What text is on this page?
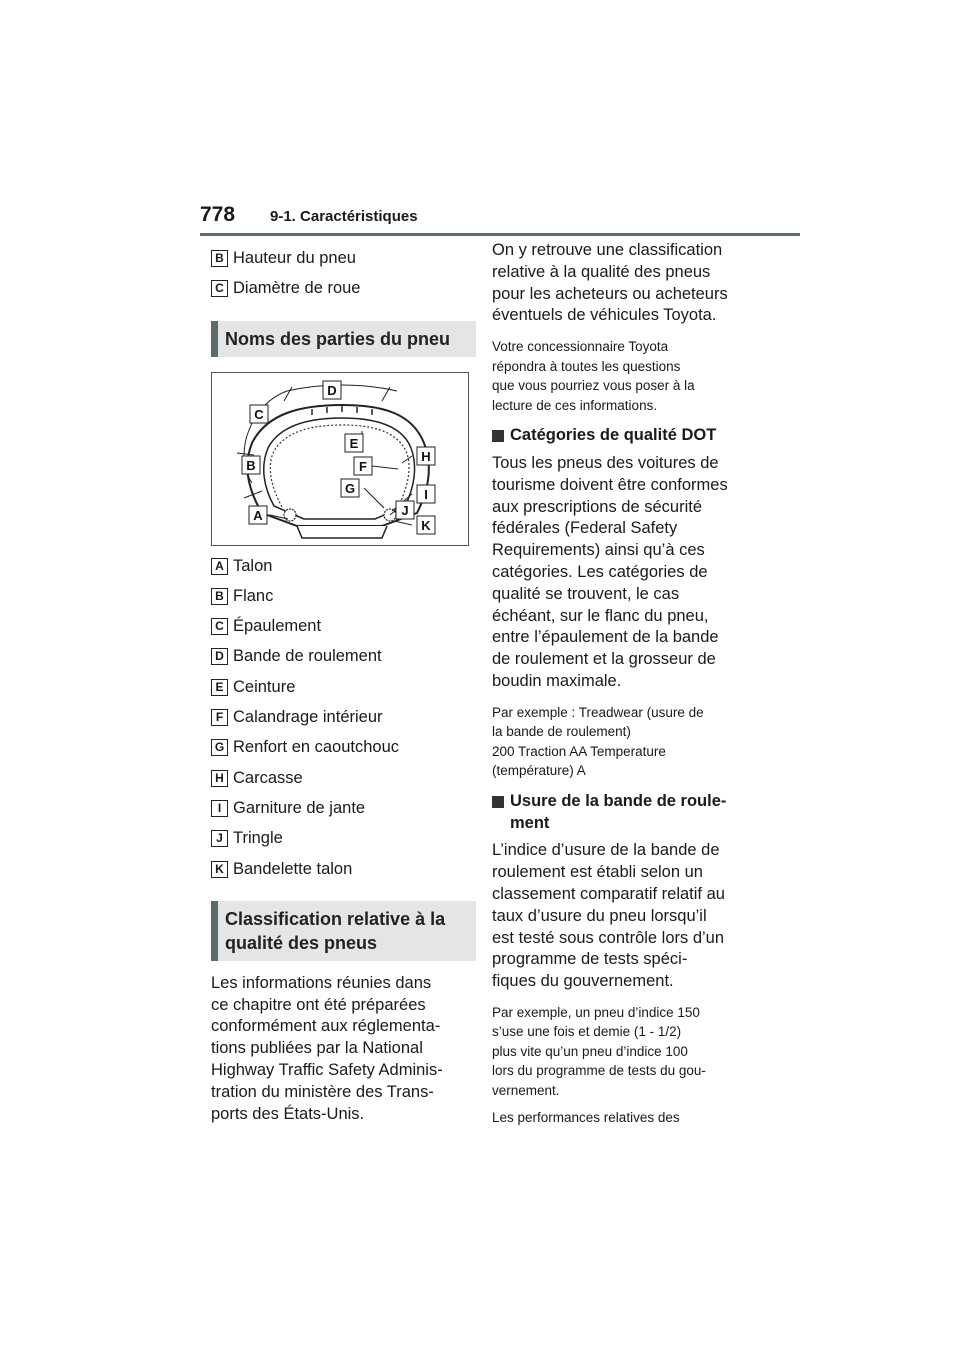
778 9-1. Caractéristiques
B Hauteur du pneu
C Diamètre de roue
Noms des parties du pneu
D
C
E
H
B	F
G	I
J
A
K
A Talon
B Flanc
C Épaulement
D Bande de roulement
E Ceinture
F Calandrage intérieur
G Renfort en caoutchouc
H Carcasse
I Garniture de jante
J Tringle
K Bandelette talon
Classification relative à la
qualité des pneus

Les informations réunies dans
ce chapitre ont été préparées
conformément aux réglementa-
tions publiées par la National
Highway Traffic Safety Adminis-
tration du ministère des Trans-
ports des États-Unis.

On y retrouve une classification
relative à la qualité des pneus
pour les acheteurs ou acheteurs
éventuels de véhicules Toyota.

Votre concessionnaire Toyota
répondra à toutes les questions
que vous pourriez vous poser à la
lecture de ces informations.

Catégories de qualité DOT

Tous les pneus des voitures de
tourisme doivent être conformes
aux prescriptions de sécurité
fédérales (Federal Safety
Requirements) ainsi qu’à ces
catégories. Les catégories de
qualité se trouvent, le cas
échéant, sur le flanc du pneu,
entre l’épaulement de la bande
de roulement et la grosseur de
boudin maximale.

Par exemple : Treadwear (usure de
la bande de roulement)
200 Traction AA Temperature
(température) A

Usure de la bande de roule-
ment

L’indice d’usure de la bande de
roulement est établi selon un
classement comparatif relatif au
taux d’usure du pneu lorsqu’il
est testé sous contrôle lors d’un
programme de tests spéci-
fiques du gouvernement.

Par exemple, un pneu d’indice 150
s’use une fois et demie (1 - 1/2)
plus vite qu’un pneu d’indice 100
lors du programme de tests du gou-
vernement.

Les performances relatives des
